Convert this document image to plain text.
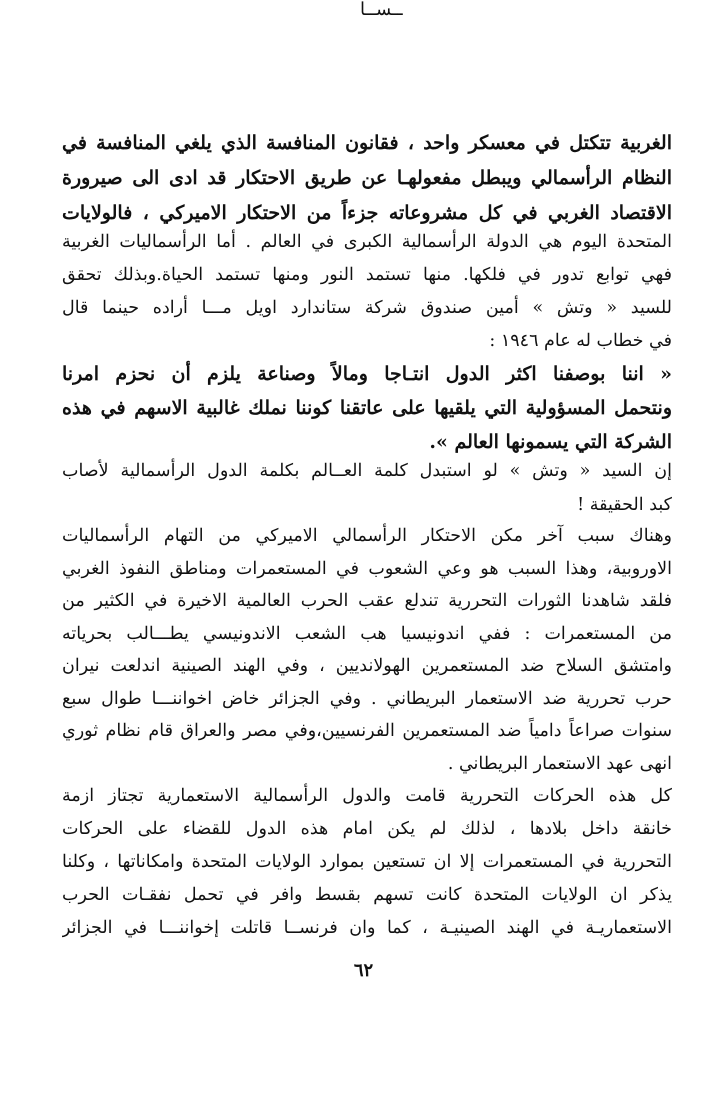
ــســا
الغربية تتكتل في معسكر واحد ، فقانون المنافسة الذي يلغي المنافسة في
النظام الرأسمالي ويبطل مفعولهـا عن طريق الاحتكار قد ادى الى صيرورة
الاقتصاد الغربي في كل مشروعاته جزءاً من الاحتكار الاميركي ، فالولايات
المتحدة اليوم هي الدولة الرأسمالية الكبرى في العالم . أما الرأسماليات الغربية
فهي توابع تدور في فلكها. منها تستمد النور ومنها تستمد الحياة.وبذلك تحقق
للسيد « وتش » أمين صندوق شركة ستاندارد اويل مـــا أراده حينما قال
في خطاب له عام ١٩٤٦ :
« اننا بوصفنا اكثر الدول انتـاجا ومالاً وصناعة يلزم أن نحزم امرنا
ونتحمل المسؤولية التي يلقيها على عاتقنا كوننا نملك غالبية الاسهم في هذه
الشركة التي يسمونها العالم ».
إن السيد « وتش » لو استبدل كلمة العــالم بكلمة الدول الرأسمالية لأصاب
كبد الحقيقة !
وهناك سبب آخر مكن الاحتكار الرأسمالي الاميركي من التهام الرأسماليات
الاوروبية، وهذا السبب هو وعي الشعوب في المستعمرات ومناطق النفوذ الغربي
فلقد شاهدنا الثورات التحررية تندلع عقب الحرب العالمية الاخيرة في الكثير من
من المستعمرات : ففي اندونيسيا هب الشعب الاندونيسي يطـــالب بحرياته
وامتشق السلاح ضد المستعمرين الهولانديين ، وفي الهند الصينية اندلعت نيران
حرب تحررية ضد الاستعمار البريطاني . وفي الجزائر خاض اخواننـــا طوال سبع
سنوات صراعاً دامياً ضد المستعمرين الفرنسيين،وفي مصر والعراق قام نظام ثوري
انهى عهد الاستعمار البريطاني .
كل هذه الحركات التحررية قامت والدول الرأسمالية الاستعمارية تجتاز ازمة
خانقة داخل بلادها ، لذلك لم يكن امام هذه الدول للقضاء على الحركات
التحررية في المستعمرات إلا ان تستعين بموارد الولايات المتحدة وامكاناتها ، وكلنا
يذكر ان الولايات المتحدة كانت تسهم بقسط وافر في تحمل نفقـات الحرب
الاستعماريـة في الهند الصينيـة ، كما وان فرنســا قاتلت إخواننـــا في الجزائر
٦٢
